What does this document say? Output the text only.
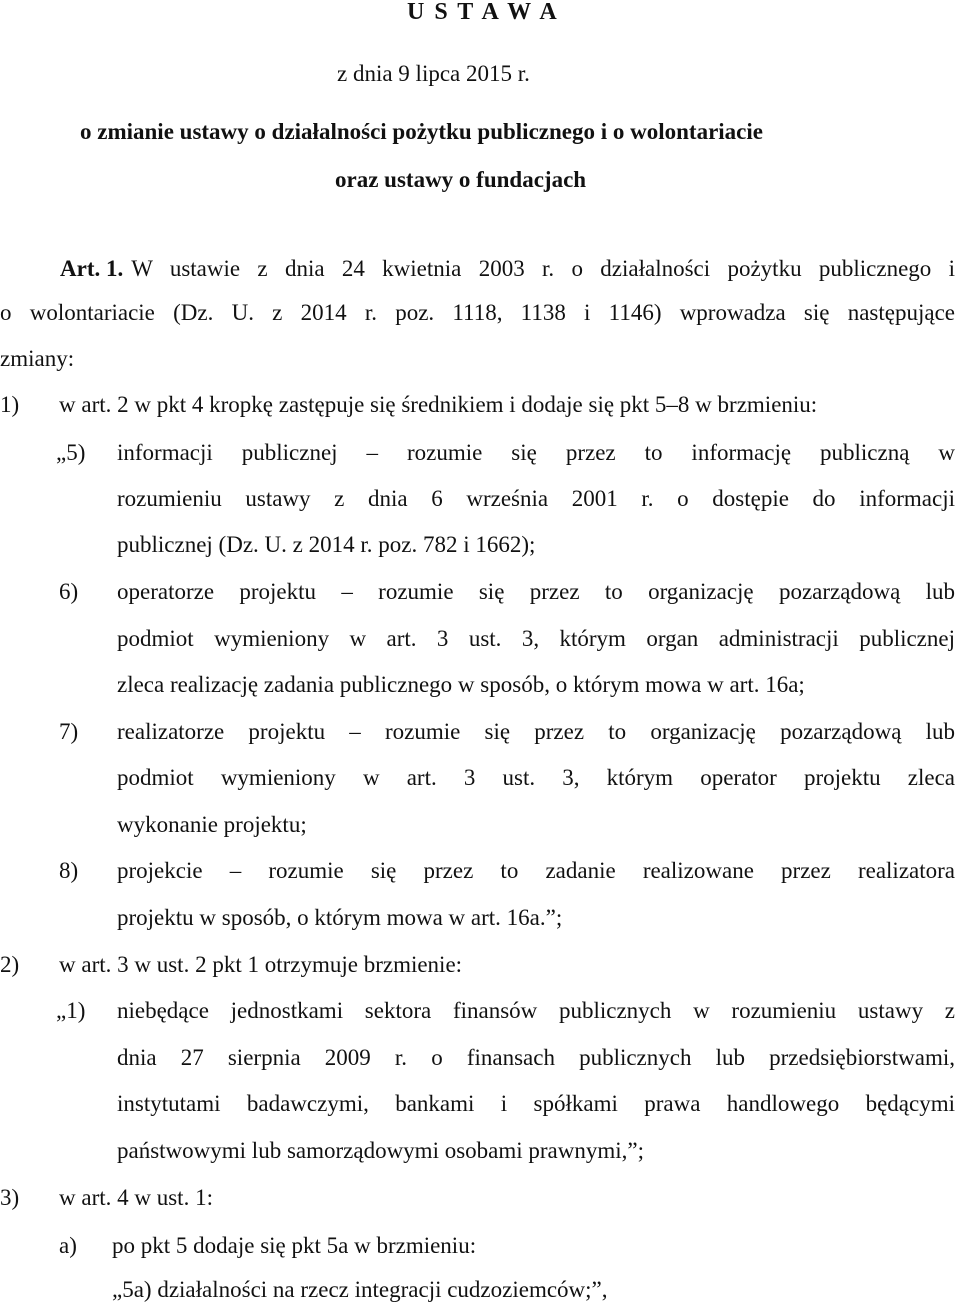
U S T A W A
z dnia 9 lipca 2015 r.
o zmianie ustawy o działalności pożytku publicznego i o wolontariacie
oraz ustawy o fundacjach
Art. 1. W ustawie z dnia 24 kwietnia 2003 r. o działalności pożytku publicznego i
o wolontariacie (Dz. U. z 2014 r. poz. 1118, 1138 i 1146) wprowadza się następujące
zmiany:
1) w art. 2 w pkt 4 kropkę zastępuje się średnikiem i dodaje się pkt 5–8 w brzmieniu:
„5) informacji publicznej – rozumie się przez to informację publiczną w
rozumieniu ustawy z dnia 6 września 2001 r. o dostępie do informacji
publicznej (Dz. U. z 2014 r. poz. 782 i 1662);
6) operatorze projektu – rozumie się przez to organizację pozarządową lub
podmiot wymieniony w art. 3 ust. 3, którym organ administracji publicznej
zleca realizację zadania publicznego w sposób, o którym mowa w art. 16a;
7) realizatorze projektu – rozumie się przez to organizację pozarządową lub
podmiot wymieniony w art. 3 ust. 3, którym operator projektu zleca
wykonanie projektu;
8) projekcie – rozumie się przez to zadanie realizowane przez realizatora
projektu w sposób, o którym mowa w art. 16a.”;
2) w art. 3 w ust. 2 pkt 1 otrzymuje brzmienie:
„1) niebędące jednostkami sektora finansów publicznych w rozumieniu ustawy z
dnia 27 sierpnia 2009 r. o finansach publicznych lub przedsiębiorstwami,
instytutami badawczymi, bankami i spółkami prawa handlowego będącymi
państwowymi lub samorządowymi osobami prawnymi,”;
3) w art. 4 w ust. 1:
a) po pkt 5 dodaje się pkt 5a w brzmieniu:
„5a) działalności na rzecz integracji cudzoziemców;”,
